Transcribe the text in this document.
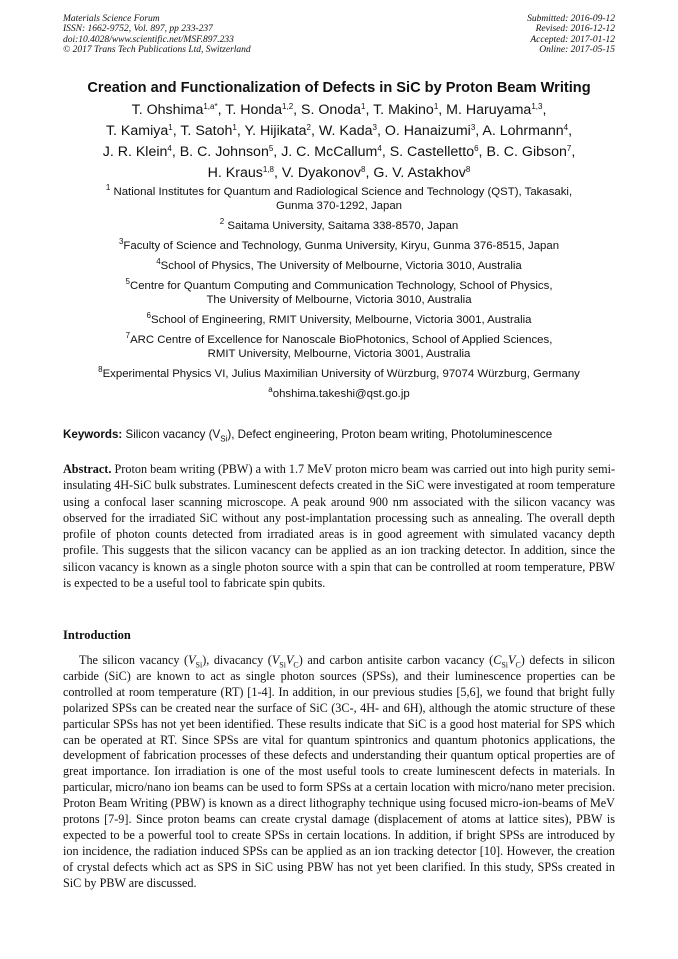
Materials Science Forum
ISSN: 1662-9752, Vol. 897, pp 233-237
doi:10.4028/www.scientific.net/MSF.897.233
© 2017 Trans Tech Publications Ltd, Switzerland
Submitted: 2016-09-12
Revised: 2016-12-12
Accepted: 2017-01-12
Online: 2017-05-15
Creation and Functionalization of Defects in SiC by Proton Beam Writing
T. Ohshima$^{1,a*}$, T. Honda$^{1,2}$, S. Onoda$^1$, T. Makino$^1$, M. Haruyama$^{1,3}$,
T. Kamiya$^1$, T. Satoh$^1$, Y. Hijikata$^2$, W. Kada$^3$, O. Hanaizumi$^3$, A. Lohrmann$^4$,
J. R. Klein$^4$, B. C. Johnson$^5$, J. C. McCallum$^4$, S. Castelletto$^6$, B. C. Gibson$^7$,
H. Kraus$^{1,8}$, V. Dyakonov$^8$, G. V. Astakhov$^8$
$^1$ National Institutes for Quantum and Radiological Science and Technology (QST), Takasaki,
Gunma 370-1292, Japan
$^2$ Saitama University, Saitama 338-8570, Japan
$^3$Faculty of Science and Technology, Gunma University, Kiryu, Gunma 376-8515, Japan
$^4$School of Physics, The University of Melbourne, Victoria 3010, Australia
$^5$Centre for Quantum Computing and Communication Technology, School of Physics,
The University of Melbourne, Victoria 3010, Australia
$^6$School of Engineering, RMIT University, Melbourne, Victoria 3001, Australia
$^7$ARC Centre of Excellence for Nanoscale BioPhotonics, School of Applied Sciences,
RMIT University, Melbourne, Victoria 3001, Australia
$^8$Experimental Physics VI, Julius Maximilian University of Würzburg, 97074 Würzburg, Germany
$^a$ohshima.takeshi@qst.go.jp
Keywords: Silicon vacancy $(V_{Si})$, Defect engineering, Proton beam writing, Photoluminescence
Abstract. Proton beam writing (PBW) a with 1.7 MeV proton micro beam was carried out into high purity semi-insulating 4H-SiC bulk substrates. Luminescent defects created in the SiC were investigated at room temperature using a confocal laser scanning microscope. A peak around 900 nm associated with the silicon vacancy was observed for the irradiated SiC without any post-implantation processing such as annealing. The overall depth profile of photon counts detected from irradiated areas is in good agreement with simulated vacancy depth profile. This suggests that the silicon vacancy can be applied as an ion tracking detector. In addition, since the silicon vacancy is known as a single photon source with a spin that can be controlled at room temperature, PBW is expected to be a useful tool to fabricate spin qubits.
Introduction
The silicon vacancy $(V_{Si})$, divacancy $(V_{Si}V_C)$ and carbon antisite carbon vacancy $(C_{Si}V_C)$ defects in silicon carbide (SiC) are known to act as single photon sources (SPSs), and their luminescence properties can be controlled at room temperature (RT) [1-4]. In addition, in our previous studies [5,6], we found that bright fully polarized SPSs can be created near the surface of SiC (3C-, 4H- and 6H), although the atomic structure of these particular SPSs has not yet been identified. These results indicate that SiC is a good host material for SPS which can be operated at RT. Since SPSs are vital for quantum spintronics and quantum photonics applications, the development of fabrication processes of these defects and understanding their quantum optical properties are of great importance. Ion irradiation is one of the most useful tools to create luminescent defects in materials. In particular, micro/nano ion beams can be used to form SPSs at a certain location with micro/nano meter precision. Proton Beam Writing (PBW) is known as a direct lithography technique using focused micro-ion-beams of MeV protons [7-9]. Since proton beams can create crystal damage (displacement of atoms at lattice sites), PBW is expected to be a powerful tool to create SPSs in certain locations. In addition, if bright SPSs are introduced by ion incidence, the radiation induced SPSs can be applied as an ion tracking detector [10]. However, the creation of crystal defects which act as SPS in SiC using PBW has not yet been clarified. In this study, SPSs created in SiC by PBW are discussed.
